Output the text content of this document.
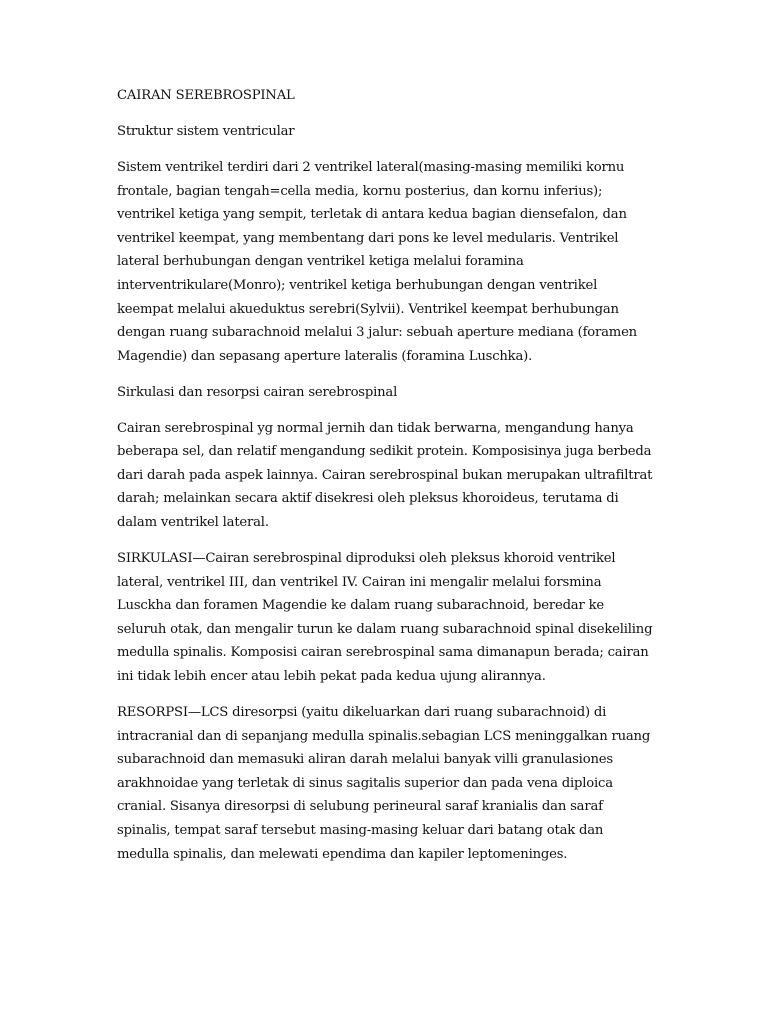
CAIRAN SEREBROSPINAL

Struktur sistem ventricular

Sistem ventrikel terdiri dari 2 ventrikel lateral(masing-masing memiliki kornu frontale, bagian tengah=cella media, kornu posterius, dan kornu inferius); ventrikel ketiga yang sempit, terletak di antara kedua bagian diensefalon, dan ventrikel keempat, yang membentang dari pons ke level medularis. Ventrikel lateral berhubungan dengan ventrikel ketiga melalui foramina interventrikulare(Monro); ventrikel ketiga berhubungan dengan ventrikel keempat melalui akueduktus serebri(Sylvii). Ventrikel keempat berhubungan dengan ruang subarachnoid melalui 3 jalur: sebuah aperture mediana (foramen Magendie) dan sepasang aperture lateralis (foramina Luschka).

Sirkulasi dan resorpsi cairan serebrospinal

Cairan serebrospinal yg normal jernih dan tidak berwarna, mengandung hanya beberapa sel, dan relatif mengandung sedikit protein. Komposisinya juga berbeda dari darah pada aspek lainnya. Cairan serebrospinal bukan merupakan ultrafiltrat darah; melainkan secara aktif disekresi oleh pleksus khoroideus, terutama di dalam ventrikel lateral.

SIRKULASI—Cairan serebrospinal diproduksi oleh pleksus khoroid ventrikel lateral, ventrikel III, dan ventrikel IV. Cairan ini mengalir melalui forsmina Lusckha dan foramen Magendie ke dalam ruang subarachnoid, beredar ke seluruh otak, dan mengalir turun ke dalam ruang subarachnoid spinal disekeliling medulla spinalis. Komposisi cairan serebrospinal sama dimanapun berada; cairan ini tidak lebih encer atau lebih pekat pada kedua ujung alirannya.

RESORPSI—LCS diresorpsi (yaitu dikeluarkan dari ruang subarachnoid) di intracranial dan di sepanjang medulla spinalis.sebagian LCS meninggalkan ruang subarachnoid dan memasuki aliran darah melalui banyak villi granulasiones arakhnoidae yang terletak di sinus sagitalis superior dan pada vena diploica cranial. Sisanya diresorpsi di selubung perineural saraf kranialis dan saraf spinalis, tempat saraf tersebut masing-masing keluar dari batang otak dan medulla spinalis, dan melewati ependima dan kapiler leptomeninges.
